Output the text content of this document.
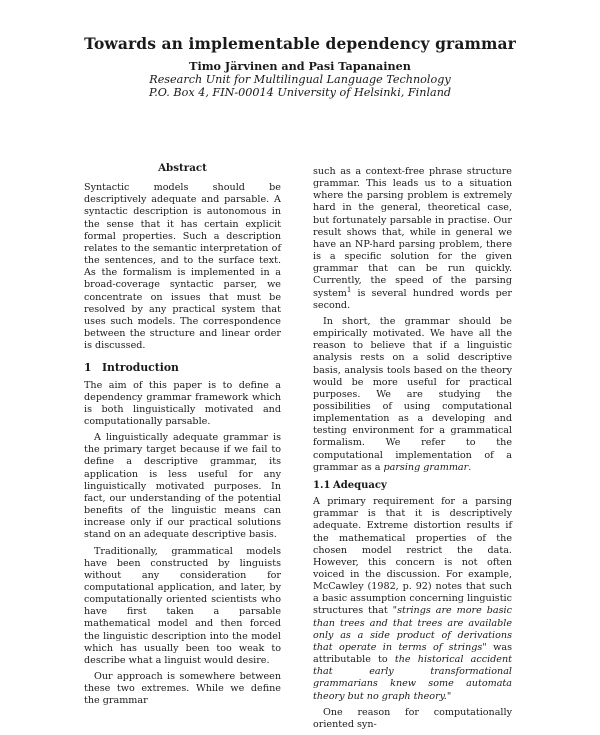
Towards an implementable dependency grammar
Timo Järvinen and Pasi Tapanainen
Research Unit for Multilingual Language Technology
P.O. Box 4, FIN-00014 University of Helsinki, Finland
Abstract

Syntactic models should be descriptively adequate and parsable. A syntactic description is autonomous in the sense that it has certain explicit formal properties. Such a description relates to the semantic interpretation of the sentences, and to the surface text. As the formalism is implemented in a broad-coverage syntactic parser, we concentrate on issues that must be resolved by any practical system that uses such models. The correspondence between the structure and linear order is discussed.

1 Introduction

The aim of this paper is to define a dependency grammar framework which is both linguistically motivated and computationally parsable.

A linguistically adequate grammar is the primary target because if we fail to define a descriptive grammar, its application is less useful for any linguistically motivated purposes. In fact, our understanding of the potential benefits of the linguistic means can increase only if our practical solutions stand on an adequate descriptive basis.

Traditionally, grammatical models have been constructed by linguists without any consideration for computational application, and later, by computationally oriented scientists who have first taken a parsable mathematical model and then forced the linguistic description into the model which has usually been too weak to describe what a linguist would desire.

Our approach is somewhere between these two extremes. While we define the grammar

such as a context-free phrase structure grammar. This leads us to a situation where the parsing problem is extremely hard in the general, theoretical case, but fortunately parsable in practise. Our result shows that, while in general we have an NP-hard parsing problem, there is a specific solution for the given grammar that can be run quickly. Currently, the speed of the parsing system$^1$ is several hundred words per second.

In short, the grammar should be empirically motivated. We have all the reason to believe that if a linguistic analysis rests on a solid descriptive basis, analysis tools based on the theory would be more useful for practical purposes. We are studying the possibilities of using computational implementation as a developing and testing environment for a grammatical formalism. We refer to the computational implementation of a grammar as a parsing grammar.

1.1 Adequacy

A primary requirement for a parsing grammar is that it is descriptively adequate. Extreme distortion results if the mathematical properties of the chosen model restrict the data. However, this concern is not often voiced in the discussion. For example, McCawley (1982, p. 92) notes that such a basic assumption concerning linguistic structures that "strings are more basic than trees and that trees are available only as a side product of derivations that operate in terms of strings" was attributable to the historical accident that early transformational grammarians knew some automata theory but no graph theory."

One reason for computationally oriented syn-
